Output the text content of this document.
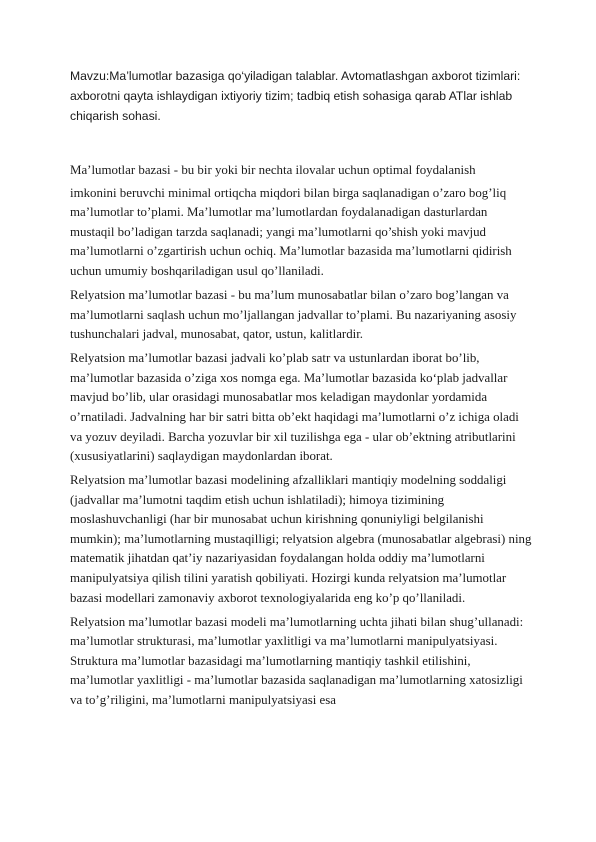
Mavzu:Ma’lumotlar bazasiga qo‘yiladigan talablar. Avtomatlashgan axborot tizimlari: axborotni qayta ishlaydigan ixtiyoriy tizim; tadbiq etish sohasiga qarab ATlar ishlab chiqarish sohasi.

Ma’lumotlar bazasi - bu bir yoki bir nechta ilovalar uchun optimal foydalanish

imkonini beruvchi minimal ortiqcha miqdori bilan birga saqlanadigan o’zaro bog’liq ma’lumotlar to’plami. Ma’lumotlar ma’lumotlardan foydalanadigan dasturlardan mustaqil bo’ladigan tarzda saqlanadi; yangi ma’lumotlarni qo’shish yoki mavjud ma’lumotlarni o’zgartirish uchun ochiq. Ma’lumotlar bazasida ma’lumotlarni qidirish uchun umumiy boshqariladigan usul qo’llaniladi.

Relyatsion ma’lumotlar bazasi - bu ma’lum munosabatlar bilan o’zaro bog’langan va ma’lumotlarni saqlash uchun mo’ljallangan jadvallar to’plami. Bu nazariyaning asosiy tushunchalari jadval, munosabat, qator, ustun, kalitlardir.

Relyatsion ma’lumotlar bazasi jadvali ko’plab satr va ustunlardan iborat bo’lib, ma’lumotlar bazasida o’ziga xos nomga ega. Ma’lumotlar bazasida ko‘plab jadvallar mavjud bo’lib, ular orasidagi munosabatlar mos keladigan maydonlar yordamida o’rnatiladi. Jadvalning har bir satri bitta ob’ekt haqidagi ma’lumotlarni o’z ichiga oladi va yozuv deyiladi. Barcha yozuvlar bir xil tuzilishga ega - ular ob’ektning atributlarini (xususiyatlarini) saqlaydigan maydonlardan iborat.

Relyatsion ma’lumotlar bazasi modelining afzalliklari mantiqiy modelning soddaligi (jadvallar ma’lumotni taqdim etish uchun ishlatiladi); himoya tizimining moslashuvchanligi (har bir munosabat uchun kirishning qonuniyligi belgilanishi mumkin); ma’lumotlarning mustaqilligi; relyatsion algebra (munosabatlar algebrasi) ning matematik jihatdan qat’iy nazariyasidan foydalangan holda oddiy ma’lumotlarni manipulyatsiya qilish tilini yaratish qobiliyati. Hozirgi kunda relyatsion ma’lumotlar bazasi modellari zamonaviy axborot texnologiyalarida eng ko’p qo’llaniladi.

Relyatsion ma’lumotlar bazasi modeli ma’lumotlarning uchta jihati bilan shug’ullanadi: ma’lumotlar strukturasi, ma’lumotlar yaxlitligi va ma’lumotlarni manipulyatsiyasi. Struktura ma’lumotlar bazasidagi ma’lumotlarning mantiqiy tashkil etilishini, ma’lumotlar yaxlitligi - ma’lumotlar bazasida saqlanadigan ma’lumotlarning xatosizligi va to’g’riligini, ma’lumotlarni manipulyatsiyasi esa
